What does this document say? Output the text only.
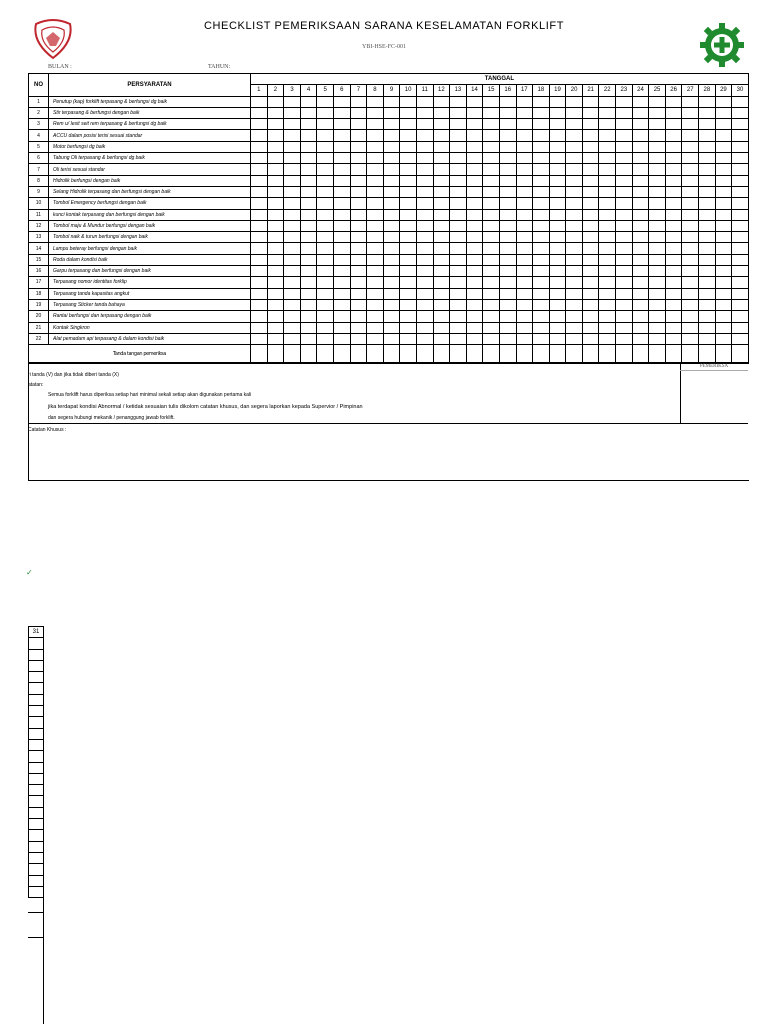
CHECKLIST PEMERIKSAAN SARANA KESELAMATAN FORKLIFT
YBI-HSE-FC-001
BULAN :	TAHUN:
NO	PERSYARATAN	TANGGAL																													
		1	2	3	4	5	6	7	8	9	10	11	12	13	14	15	16	17	18	19	20	21	22	23	24	25	26	27	28	29	30
1	Penutup (kap) forklift terpasang & berfungsi dg baik																														
2	Stir terpasang & berfungsi dengan baik																														
3	Rem u/ Iesit seit rem terpasang & berfungsi dg baik																														
4	ACCU dalam posisi terisi sesuai standar																														
5	Motor berfungsi dg baik																														
6	Tabung Oli terpasang & berfungsi dg baik																														
7	Oli terisi sesuai standar																														
8	Hidrolik berfungsi dengan baik																														
9	Selang Hidrolik terpasang dan berfungsi dengan baik																														
10	Tombol Emergency berfungsi dengan baik																														
11	kunci kontak terpasang dan berfungsi dengan baik																														
12	Tombol maju & Mundur berfungsi dengan baik																														
13	Tombol naik & turun berfungsi dengan baik																														
14	Lampu beteray berfungsi dengan baik																														
15	Roda dalam kondisi baik																														
16	Garpu terpasang dan berfungsi dengan baik																														
17	Terpasang nomor identitas forklip																														
18	Terpasang tanda kapasitas angkut																														
19	Terpasang Sticker tanda bahaya																														
20	Rantai berfungsi dan terpasang dengan baik																														
21	Kontak Singkron																														
22	Alat pemadam api terpasang & dalam kondisi baik																														
Tanda tangan pemeriksa																															
PEMERIKSA
ri tanda (V) dan jika tidak diberi tanda (X)
atatan:
Semua forklift harus diperiksa setiap hari minimal sekali setiap akan digunakan pertama kali
jika terdapat kondisi Abnormal / ketidak sesuaian tulis dikolom catatan khusus, dan segera laporkan kepada Supervior / Pimpinan
dan segera hubungi mekanik / penanggung jawab forklift.
Catatan Khusus :
✓
31
